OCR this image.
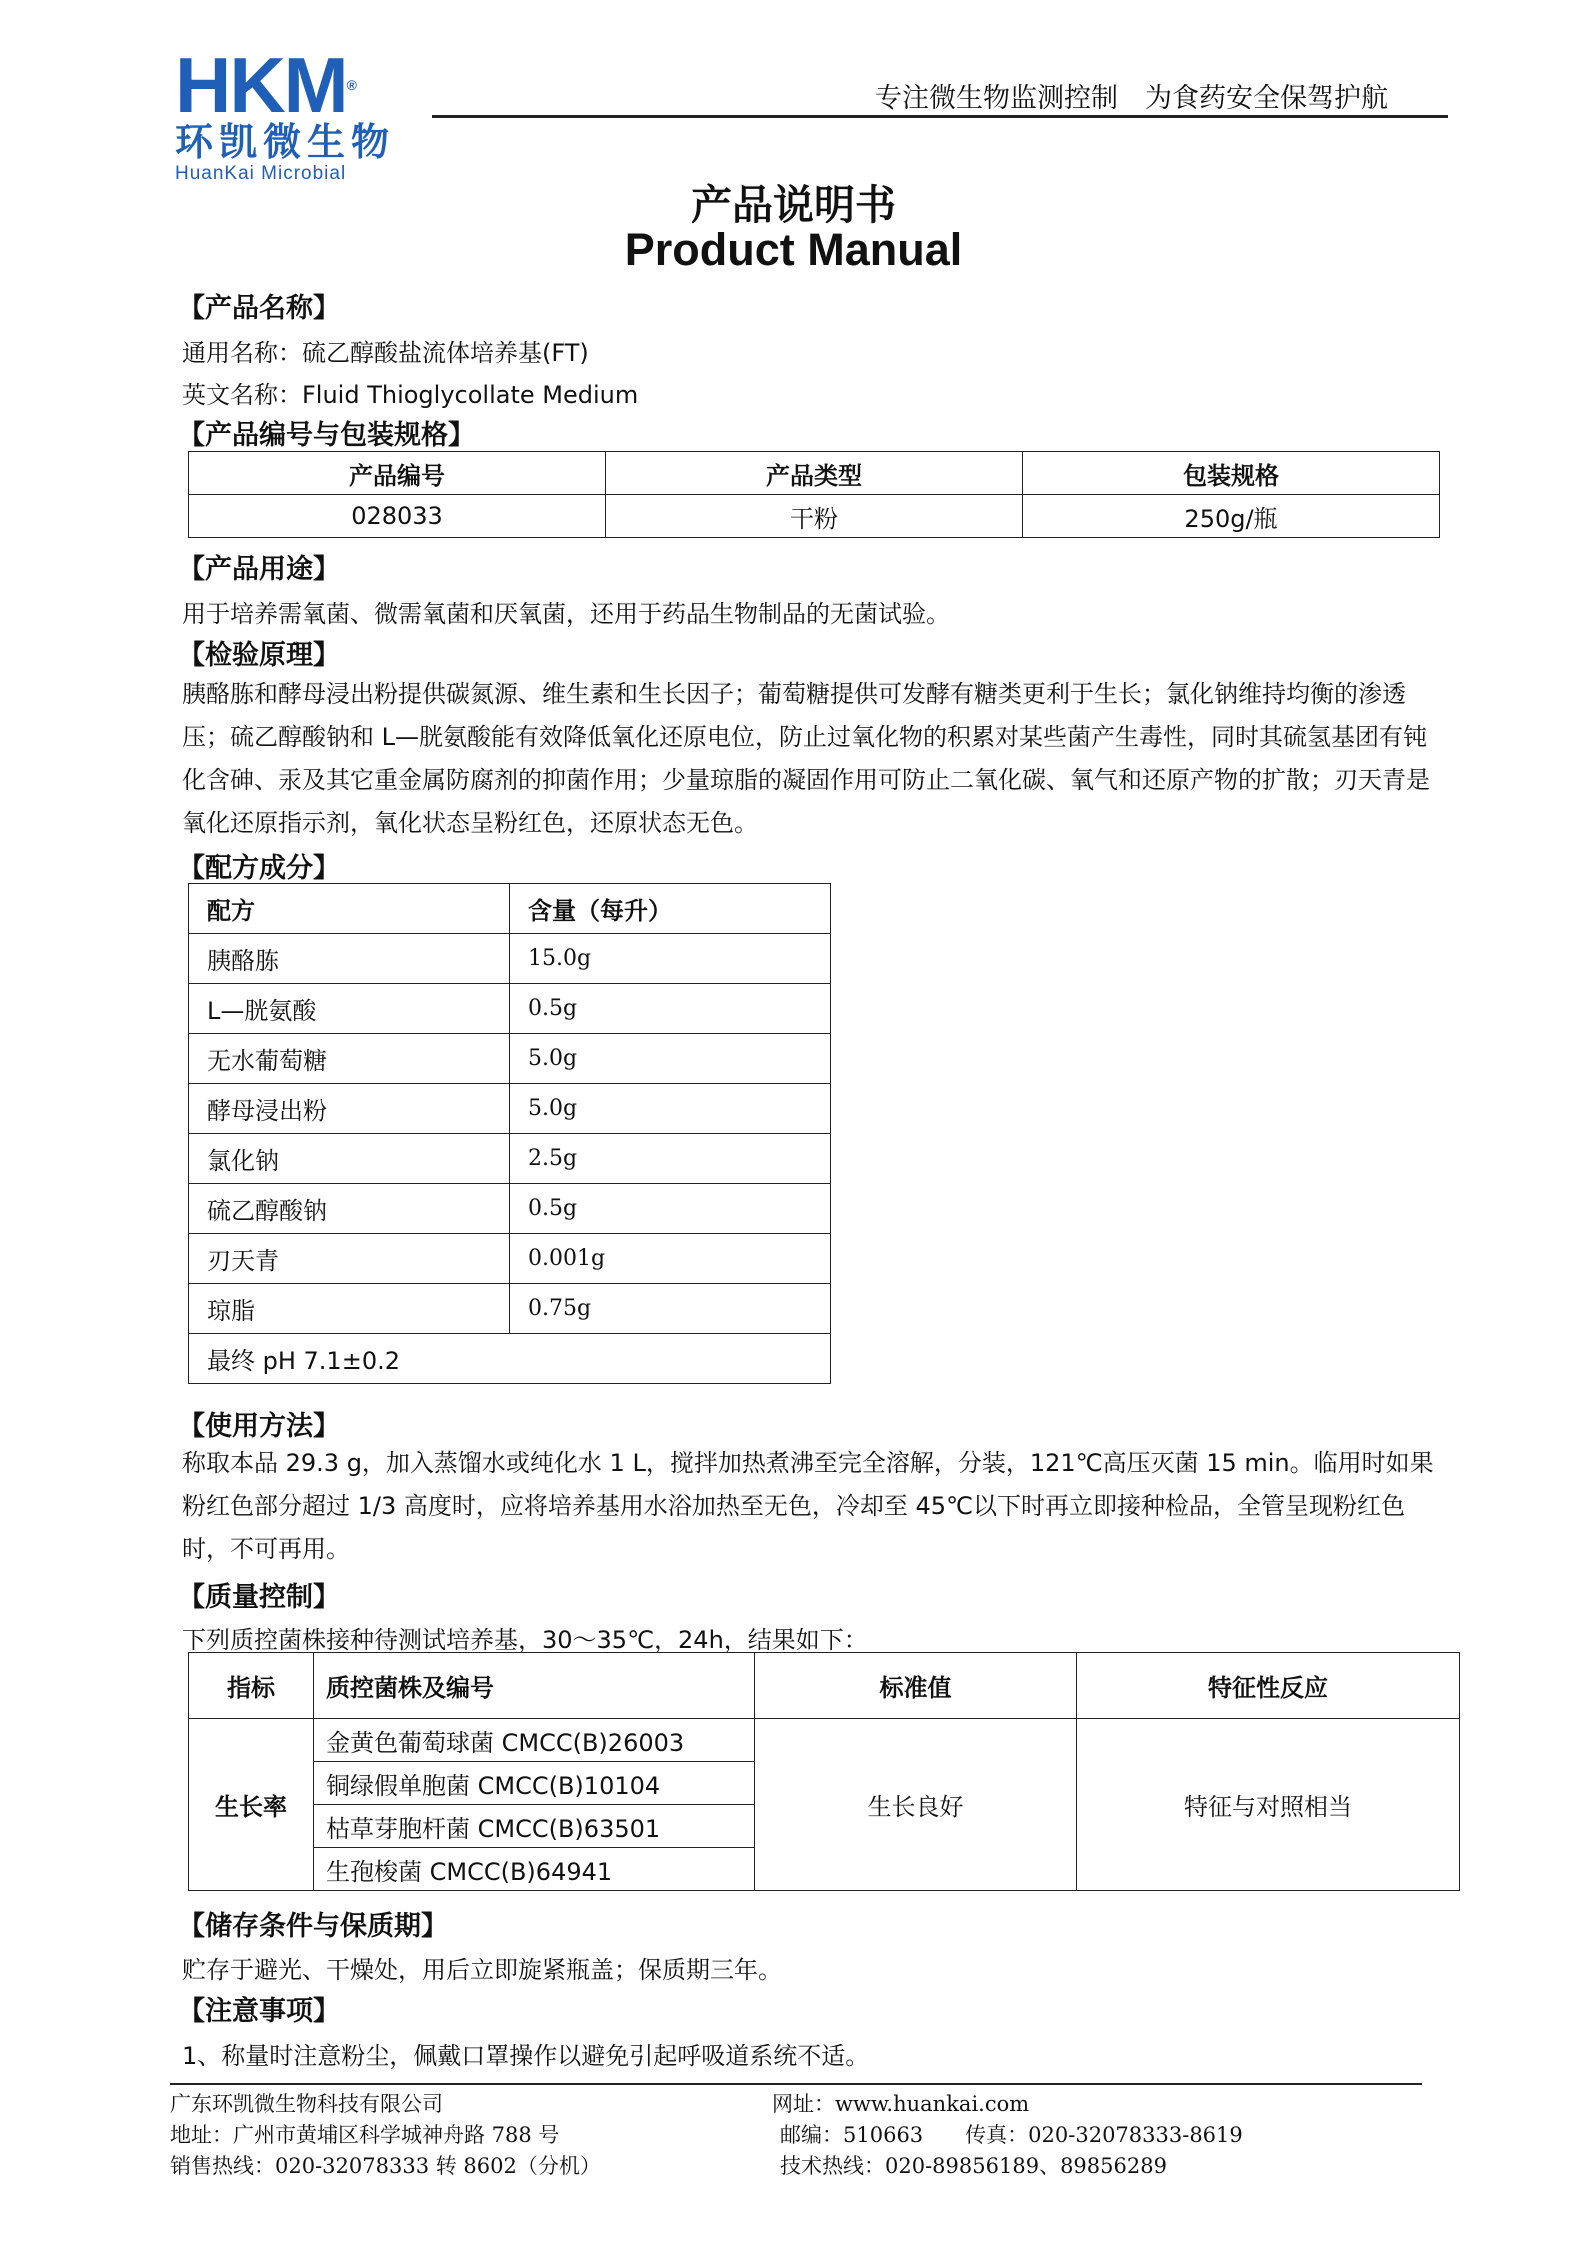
HKM®
环凯微生物
HuanKai Microbial
专注微生物监测控制　为食药安全保驾护航
产品说明书
Product Manual
【产品名称】
通用名称：硫乙醇酸盐流体培养基(FT)
英文名称：Fluid Thioglycollate Medium
【产品编号与包装规格】
产品编号	产品类型	包装规格
028033	干粉	250g/瓶
【产品用途】
用于培养需氧菌、微需氧菌和厌氧菌，还用于药品生物制品的无菌试验。
【检验原理】
胰酪胨和酵母浸出粉提供碳氮源、维生素和生长因子；葡萄糖提供可发酵有糖类更利于生长；氯化钠维持均衡的渗透压；硫乙醇酸钠和 L—胱氨酸能有效降低氧化还原电位，防止过氧化物的积累对某些菌产生毒性，同时其硫氢基团有钝化含砷、汞及其它重金属防腐剂的抑菌作用；少量琼脂的凝固作用可防止二氧化碳、氧气和还原产物的扩散；刃天青是氧化还原指示剂，氧化状态呈粉红色，还原状态无色。
【配方成分】
配方	含量（每升）
胰酪胨	15.0g
L—胱氨酸	0.5g
无水葡萄糖	5.0g
酵母浸出粉	5.0g
氯化钠	2.5g
硫乙醇酸钠	0.5g
刃天青	0.001g
琼脂	0.75g
最终 pH 7.1±0.2	
【使用方法】
称取本品 29.3 g，加入蒸馏水或纯化水 1 L，搅拌加热煮沸至完全溶解，分装，121℃高压灭菌 15 min。临用时如果粉红色部分超过 1/3 高度时，应将培养基用水浴加热至无色，冷却至 45℃以下时再立即接种检品，全管呈现粉红色时，不可再用。
【质量控制】
下列质控菌株接种待测试培养基，30～35℃，24h，结果如下：
指标	质控菌株及编号	标准值	特征性反应
生长率	金黄色葡萄球菌 CMCC(B)26003	生长良好	特征与对照相当
	铜绿假单胞菌 CMCC(B)10104		
	枯草芽胞杆菌 CMCC(B)63501		
	生孢梭菌 CMCC(B)64941		
【储存条件与保质期】
贮存于避光、干燥处，用后立即旋紧瓶盖；保质期三年。
【注意事项】
1、称量时注意粉尘，佩戴口罩操作以避免引起呼吸道系统不适。
广东环凯微生物科技有限公司
地址：广州市黄埔区科学城神舟路 788 号
销售热线：020-32078333 转 8602（分机）
网址：www.huankai.com
邮编：510663　　传真：020-32078333-8619
技术热线：020-89856189、89856289
